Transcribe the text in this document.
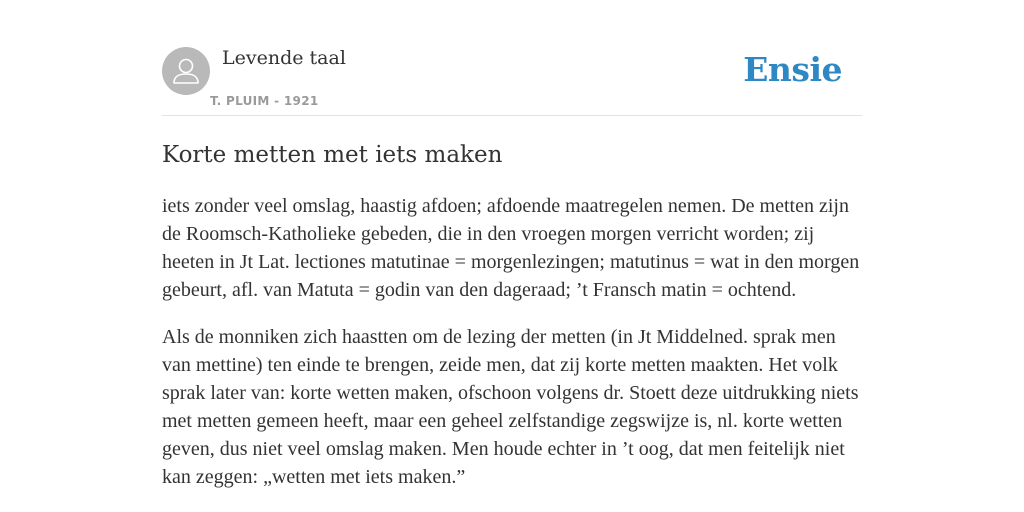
Levende taal
T. PLUIM - 1921
Ensie
Korte metten met iets maken

iets zonder veel omslag, haastig afdoen; afdoende maatregelen nemen. De metten zijn de Roomsch-Katholieke gebeden, die in den vroegen morgen verricht worden; zij heeten in Jt Lat. lectiones matutinae = morgenlezingen; matutinus = wat in den morgen gebeurt, afl. van Matuta = godin van den dageraad; ’t Fransch matin = ochtend.

Als de monniken zich haastten om de lezing der metten (in Jt Middelned. sprak men van mettine) ten einde te brengen, zeide men, dat zij korte metten maakten. Het volk sprak later van: korte wetten maken, ofschoon volgens dr. Stoett deze uitdrukking niets met metten gemeen heeft, maar een geheel zelfstandige zegswijze is, nl. korte wetten geven, dus niet veel omslag maken. Men houde echter in ’t oog, dat men feitelijk niet kan zeggen: „wetten met iets maken.”
